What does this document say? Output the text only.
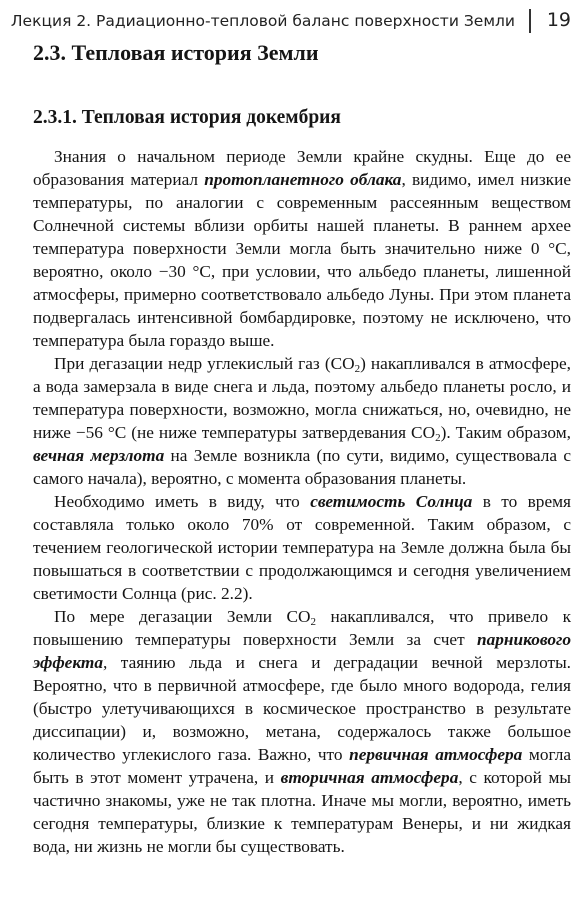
Лекция 2. Радиационно-тепловой баланс поверхности Земли 19
2.3. Тепловая история Земли
2.3.1. Тепловая история докембрия

Знания о начальном периоде Земли крайне скудны. Еще до ее образования материал протопланетного облака, видимо, имел низкие температуры, по аналогии с современным рассеянным веществом Солнечной системы вблизи орбиты нашей планеты. В раннем архее температура поверхности Земли могла быть значительно ниже 0 °С, вероятно, около −30 °С, при условии, что альбедо планеты, лишенной атмосферы, примерно соответствовало альбедо Луны. При этом планета подвергалась интенсивной бомбардировке, поэтому не исключено, что температура была гораздо выше.

При дегазации недр углекислый газ $(СО_2)$ накапливался в атмосфере, а вода замерзала в виде снега и льда, поэтому альбедо планеты росло, и температура поверхности, возможно, могла снижаться, но, очевидно, не ниже −56 °С (не ниже температуры затвердевания $СО_2$). Таким образом, вечная мерзлота на Земле возникла (по сути, видимо, существовала с самого начала), вероятно, с момента образования планеты.

Необходимо иметь в виду, что светимость Солнца в то время составляла только около 70% от современной. Таким образом, с течением геологической истории температура на Земле должна была бы повышаться в соответствии с продолжающимся и сегодня увеличением светимости Солнца (рис. 2.2).

По мере дегазации Земли $СО_2$ накапливался, что привело к повышению температуры поверхности Земли за счет парникового эффекта, таянию льда и снега и деградации вечной мерзлоты. Вероятно, что в первичной атмосфере, где было много водорода, гелия (быстро улетучивающихся в космическое пространство в результате диссипации) и, возможно, метана, содержалось также большое количество углекислого газа. Важно, что первичная атмосфера могла быть в этот момент утрачена, и вторичная атмосфера, с которой мы частично знакомы, уже не так плотна. Иначе мы могли, вероятно, иметь сегодня температуры, близкие к температурам Венеры, и ни жидкая вода, ни жизнь не могли бы существовать.
